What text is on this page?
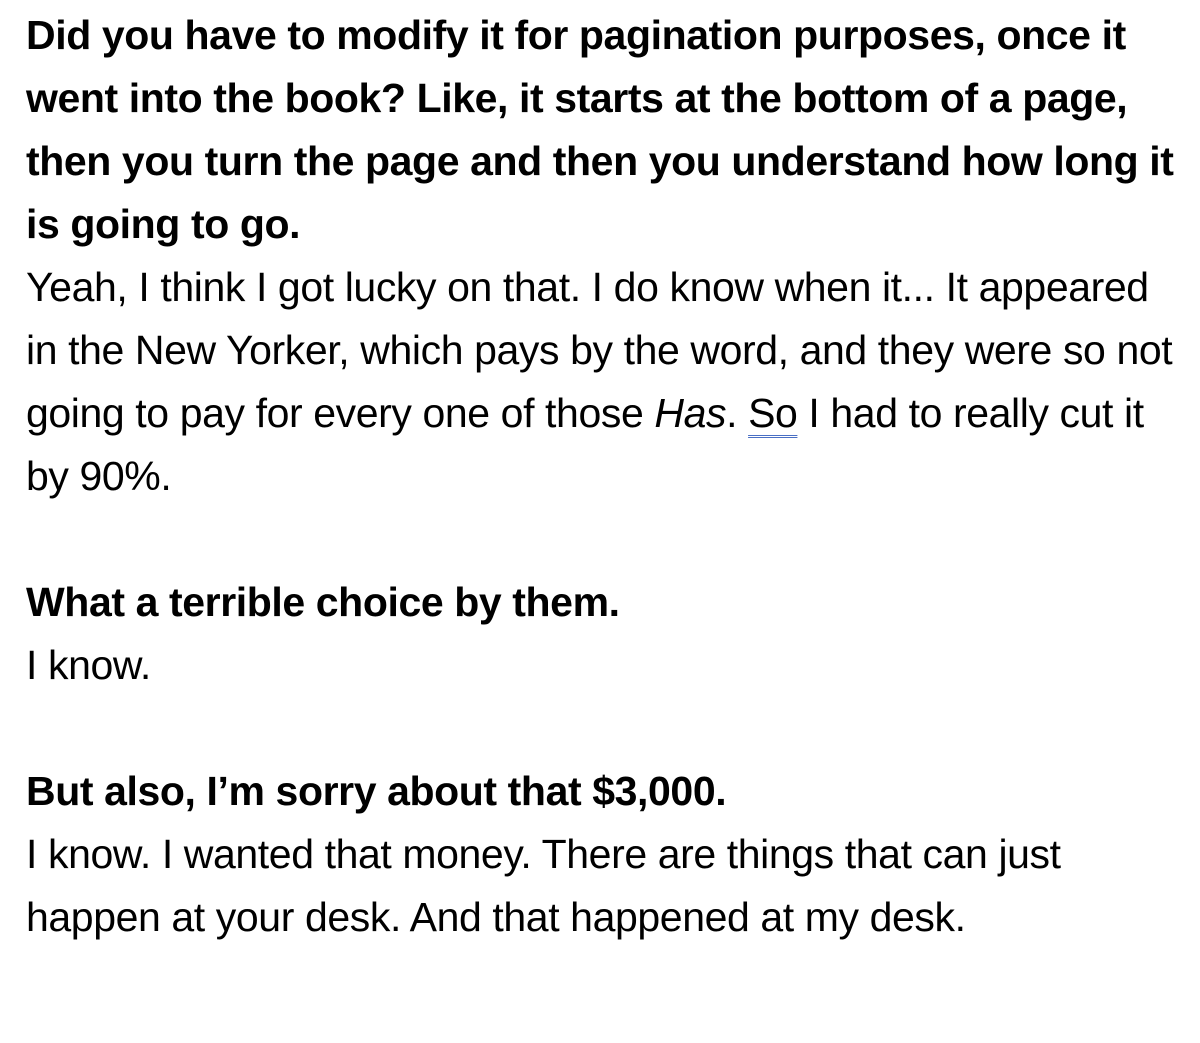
Did you have to modify it for pagination purposes, once it went into the book? Like, it starts at the bottom of a page, then you turn the page and then you understand how long it is going to go.

Yeah, I think I got lucky on that. I do know when it... It appeared in the New Yorker, which pays by the word, and they were so not going to pay for every one of those Has. So I had to really cut it by 90%.

What a terrible choice by them.

I know.

But also, I’m sorry about that $3,000.

I know. I wanted that money. There are things that can just happen at your desk. And that happened at my desk.
